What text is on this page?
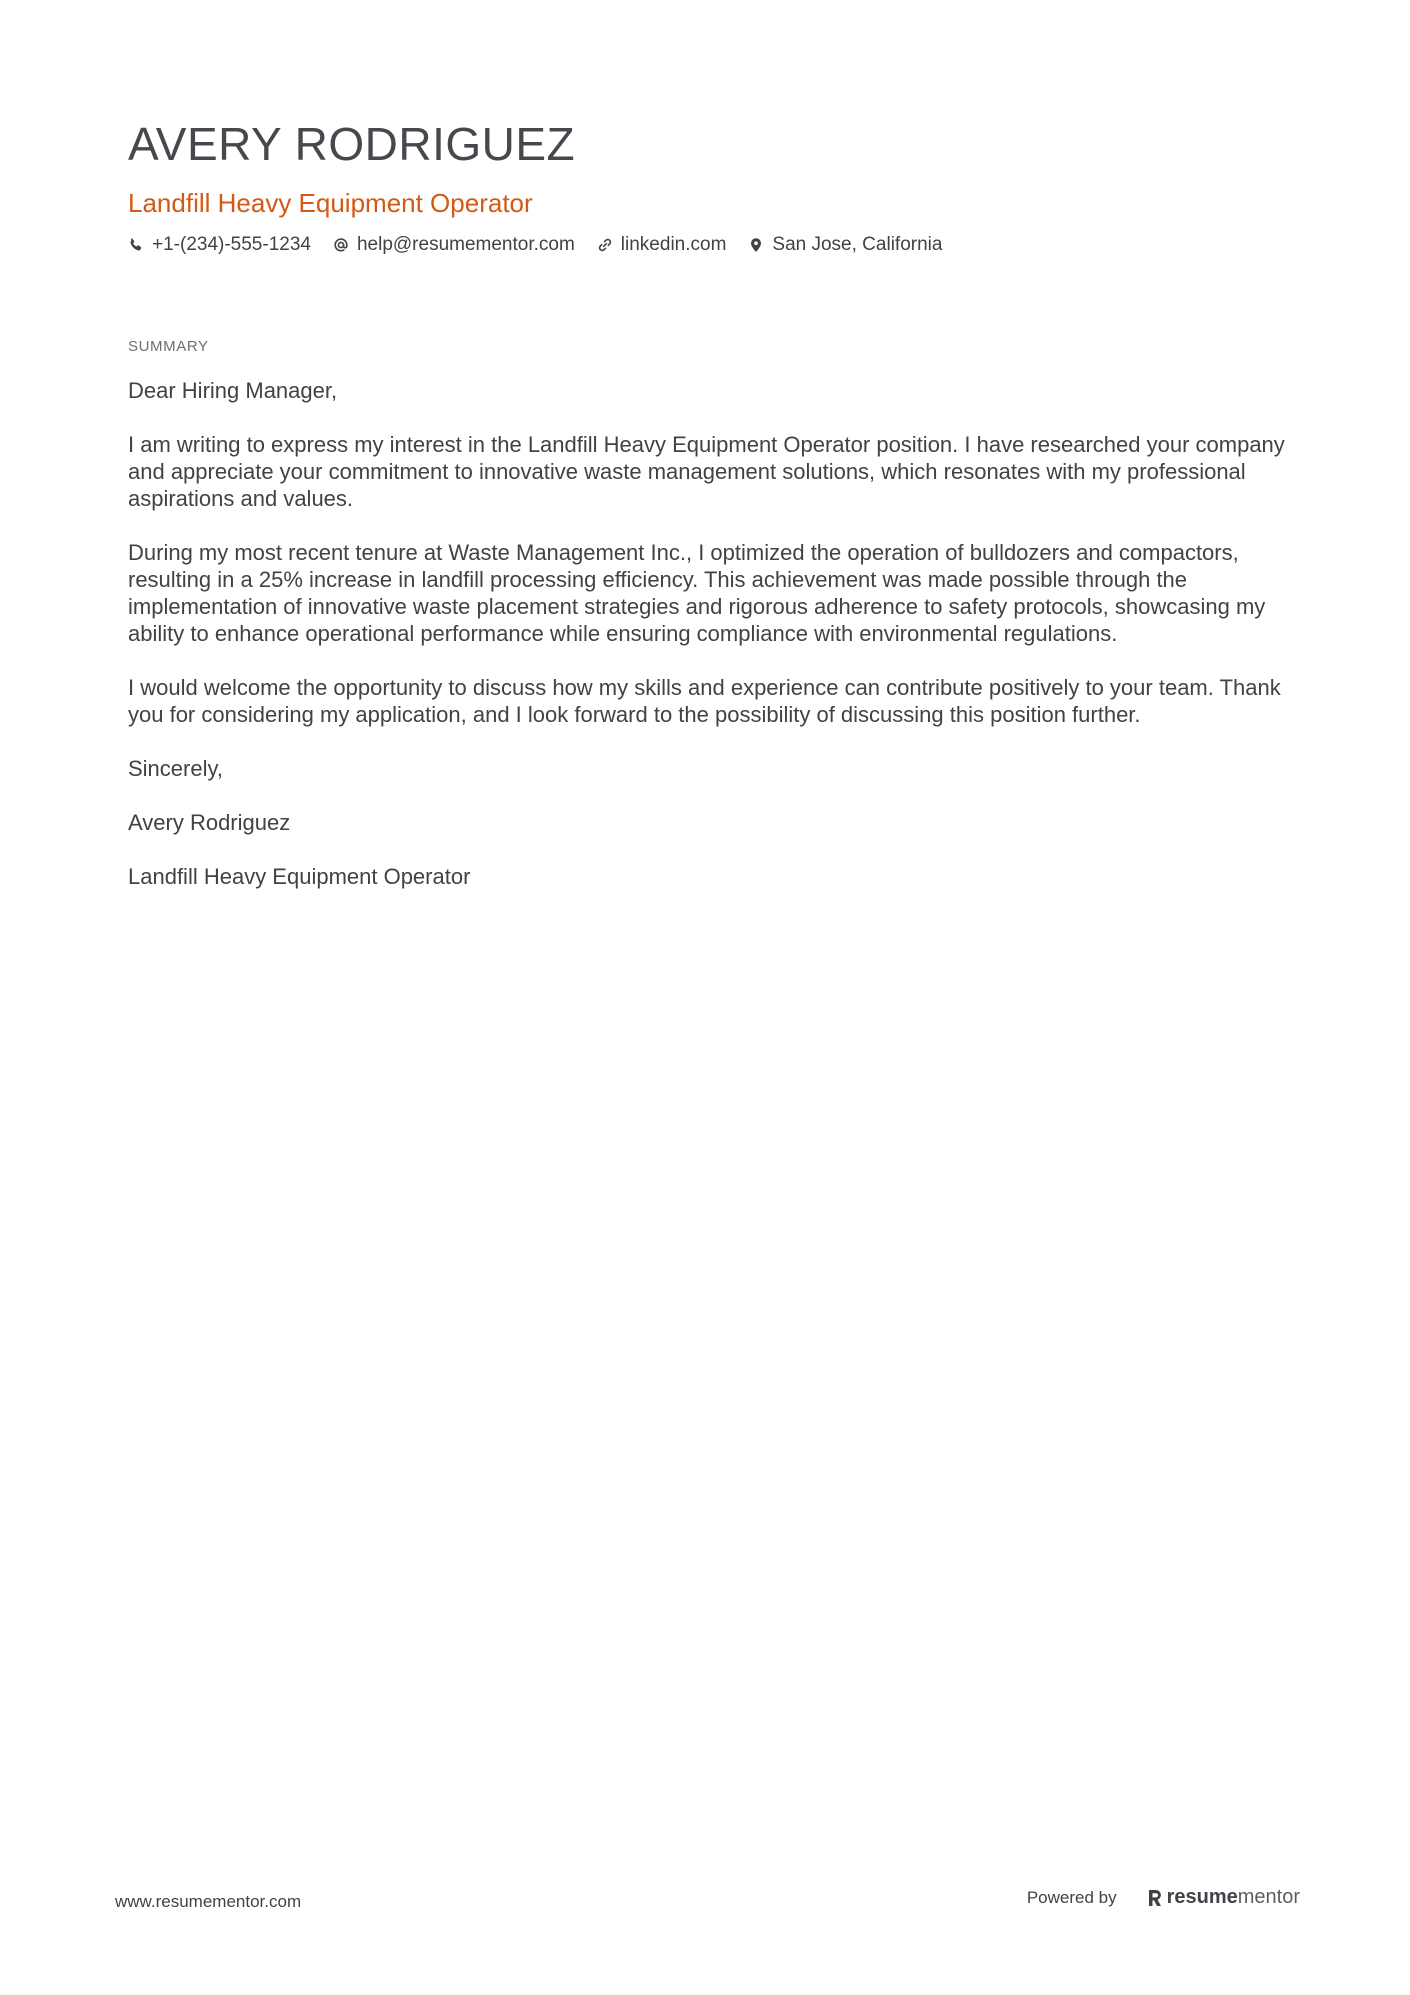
AVERY RODRIGUEZ
Landfill Heavy Equipment Operator
+1-(234)-555-1234 help@resumementor.com linkedin.com San Jose, California
SUMMARY

Dear Hiring Manager,

I am writing to express my interest in the Landfill Heavy Equipment Operator position. I have researched your company and appreciate your commitment to innovative waste management solutions, which resonates with my professional aspirations and values.

During my most recent tenure at Waste Management Inc., I optimized the operation of bulldozers and compactors, resulting in a 25% increase in landfill processing efficiency. This achievement was made possible through the implementation of innovative waste placement strategies and rigorous adherence to safety protocols, showcasing my ability to enhance operational performance while ensuring compliance with environmental regulations.

I would welcome the opportunity to discuss how my skills and experience can contribute positively to your team. Thank you for considering my application, and I look forward to the possibility of discussing this position further.

Sincerely,

Avery Rodriguez

Landfill Heavy Equipment Operator

www.resumementor.com	Powered by	resume mentor
